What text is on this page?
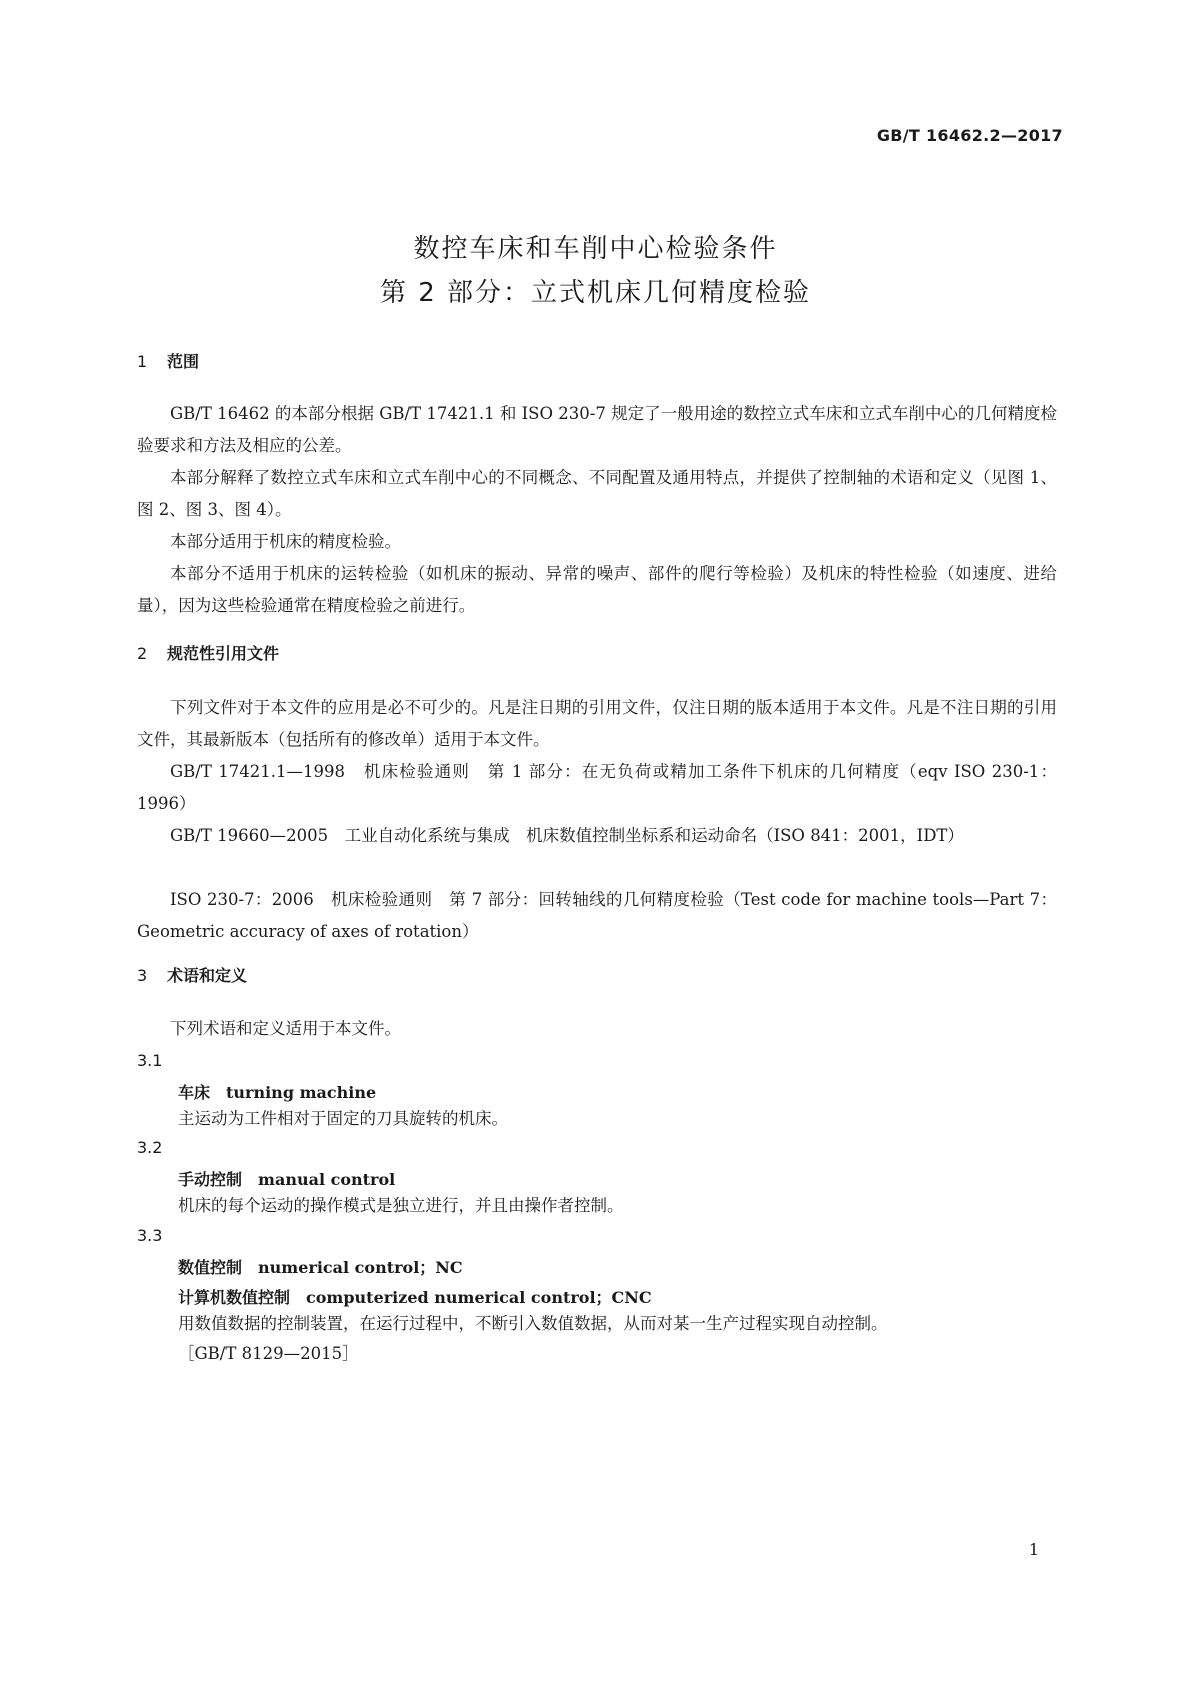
GB/T 16462.2—2017
数控车床和车削中心检验条件
第 2 部分：立式机床几何精度检验
1 范围
GB/T 16462 的本部分根据 GB/T 17421.1 和 ISO 230-7 规定了一般用途的数控立式车床和立式车削中心的几何精度检验要求和方法及相应的公差。
本部分解释了数控立式车床和立式车削中心的不同概念、不同配置及通用特点，并提供了控制轴的术语和定义（见图 1、图 2、图 3、图 4）。
本部分适用于机床的精度检验。
本部分不适用于机床的运转检验（如机床的振动、异常的噪声、部件的爬行等检验）及机床的特性检验（如速度、进给量），因为这些检验通常在精度检验之前进行。
2 规范性引用文件
下列文件对于本文件的应用是必不可少的。凡是注日期的引用文件，仅注日期的版本适用于本文件。凡是不注日期的引用文件，其最新版本（包括所有的修改单）适用于本文件。
GB/T 17421.1—1998　机床检验通则　第 1 部分：在无负荷或精加工条件下机床的几何精度（eqv ISO 230-1：1996）
GB/T 19660—2005　工业自动化系统与集成　机床数值控制坐标系和运动命名（ISO 841：2001，IDT）
ISO 230-7：2006　机床检验通则　第 7 部分：回转轴线的几何精度检验（Test code for machine tools—Part 7：Geometric accuracy of axes of rotation）
3 术语和定义
下列术语和定义适用于本文件。
3.1
车床 turning machine
主运动为工件相对于固定的刀具旋转的机床。
3.2
手动控制 manual control
机床的每个运动的操作模式是独立进行，并且由操作者控制。
3.3
数值控制 numerical control；NC
计算机数值控制 computerized numerical control；CNC
用数值数据的控制装置，在运行过程中，不断引入数值数据，从而对某一生产过程实现自动控制。
［GB/T 8129—2015］
1
